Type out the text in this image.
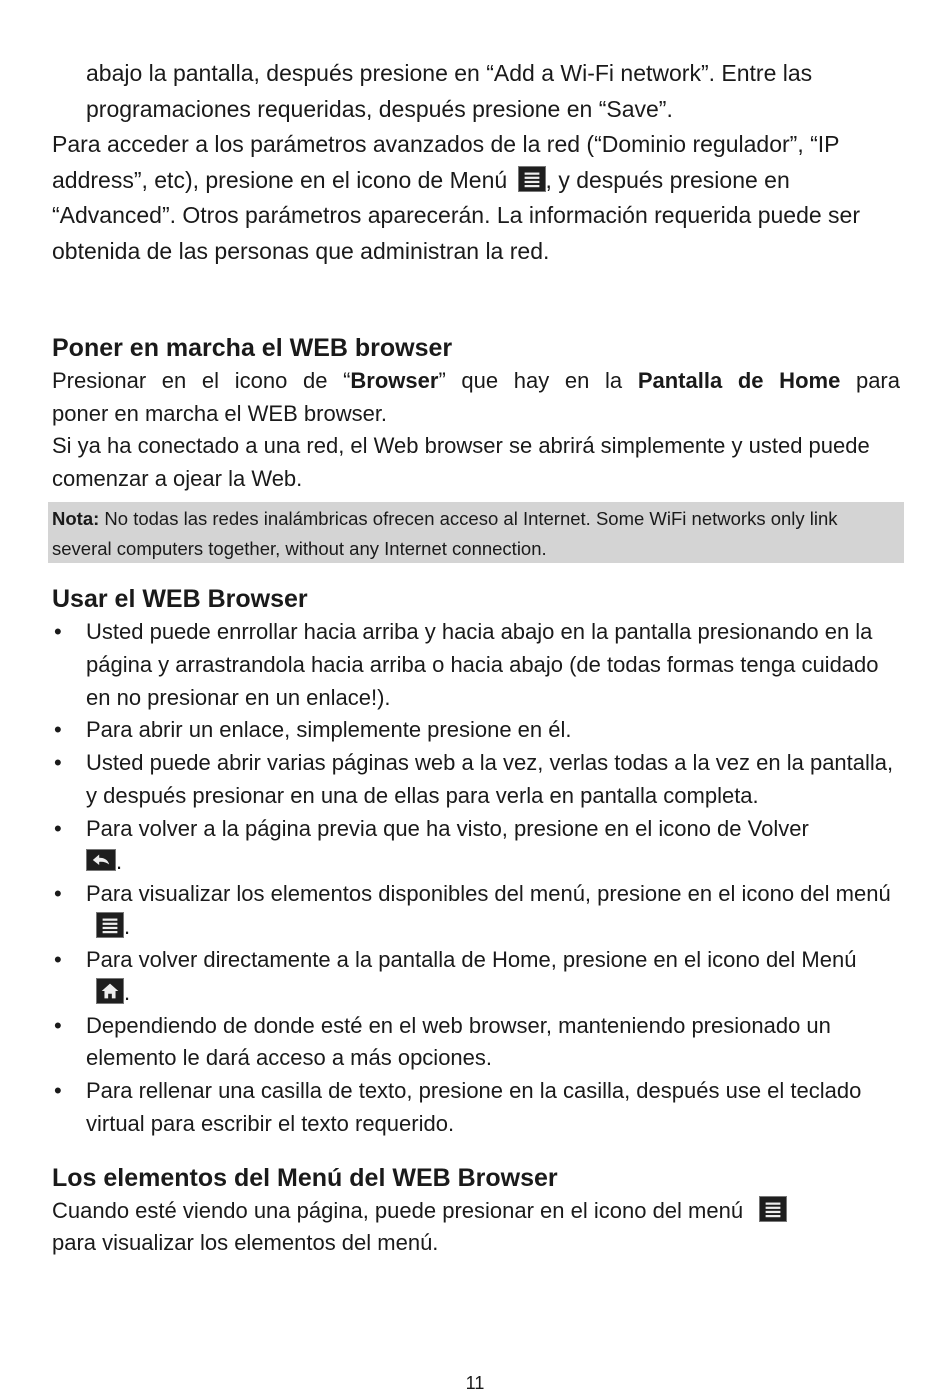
abajo la pantalla, después presione en “Add a Wi-Fi network”. Entre las

programaciones requeridas, después presione en “Save”.

Para acceder a los parámetros avanzados de la red (“Dominio regulador”, “IP address”, etc), presione en el icono de Menú
, y después presione en “Advanced”. Otros parámetros aparecerán. La información requerida puede ser obtenida de las personas que administran la red.

Poner en marcha el WEB browser

Presionar en el icono de “Browser” que hay en la Pantalla de Home para

poner en marcha el WEB browser.

Si ya ha conectado a una red, el Web browser se abrirá simplemente y usted puede comenzar a ojear la Web.

Nota: No todas las redes inalámbricas ofrecen acceso al Internet. Some WiFi networks only link several computers together, without any Internet connection.
Usar el WEB Browser
• Usted puede enrrollar hacia arriba y hacia abajo en la pantalla presionando en la página y arrastrandola hacia arriba o hacia abajo (de todas formas tenga cuidado en no presionar en un enlace!).
• Para abrir un enlace, simplemente presione en él.
• Usted puede abrir varias páginas web a la vez, verlas todas a la vez en la pantalla, y después presionar en una de ellas para verla en pantalla completa.
• Para volver a la página previa que ha visto, presione en el icono de Volver

.
• Para visualizar los elementos disponibles del menú, presione en el icono del menú
.
• Para volver directamente a la pantalla de Home, presione en el icono del Menú
.
• Dependiendo de donde esté en el web browser, manteniendo presionado un elemento le dará acceso a más opciones.
• Para rellenar una casilla de texto, presione en la casilla, después use el teclado virtual para escribir el texto requerido.
Los elementos del Menú del WEB Browser

Cuando esté viendo una página, puede presionar en el icono del menú

para visualizar los elementos del menú.

11
